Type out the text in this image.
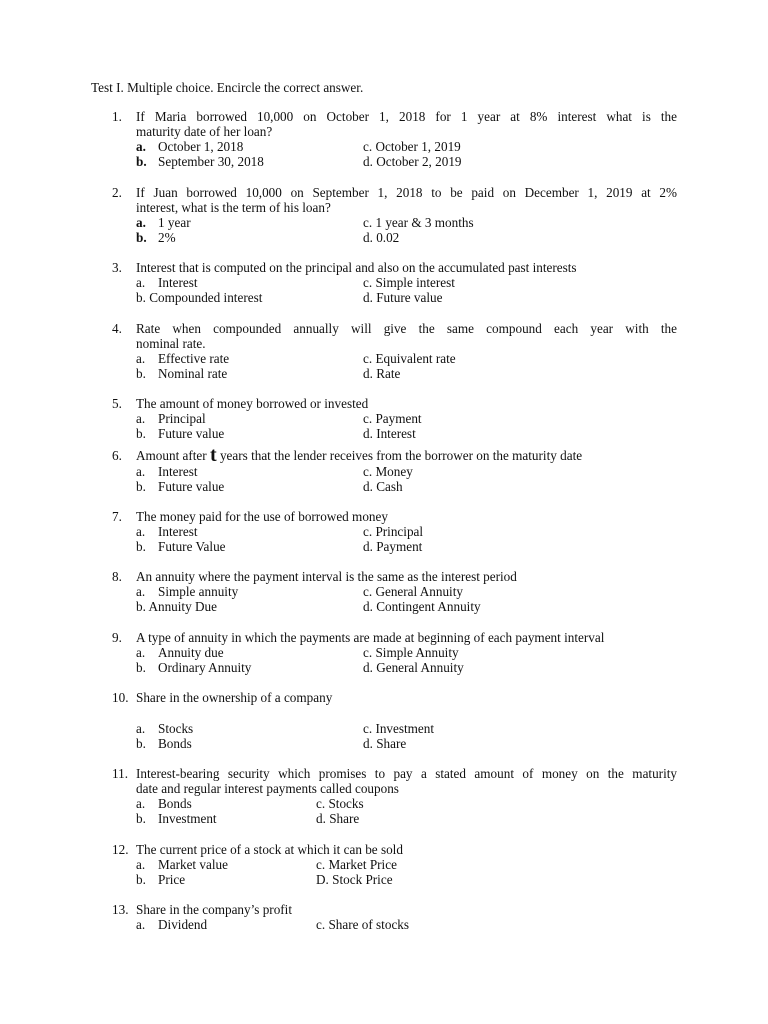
Test I. Multiple choice. Encircle the correct answer.
1.	If Maria borrowed 10,000 on October 1, 2018 for 1 year at 8% interest what is the
maturity date of her loan?
a. October 1, 2018
b. September 30, 2018
c. October 1, 2019
d. October 2, 2019
2.	If Juan borrowed 10,000 on September 1, 2018 to be paid on December 1, 2019 at 2%
interest, what is the term of his loan?
a. 1 year
b. 2%
c. 1 year & 3 months
d. 0.02
3.	Interest that is computed on the principal and also on the accumulated past interests
a. Interest
b. Compounded interest
c. Simple interest
d. Future value
4.	Rate when compounded annually will give the same compound each year with the
nominal rate.
a. Effective rate
b. Nominal rate
c. Equivalent rate
d. Rate
5.	The amount of money borrowed or invested
a. Principal
b. Future value
c. Payment
d. Interest
6.	Amount after t years that the lender receives from the borrower on the maturity date
a. Interest
b. Future value
c. Money
d. Cash
7.	The money paid for the use of borrowed money
a. Interest
b. Future Value
c. Principal
d. Payment
8.	An annuity where the payment interval is the same as the interest period
a. Simple annuity
b. Annuity Due
c. General Annuity
d. Contingent Annuity
9.	A type of annuity in which the payments are made at beginning of each payment interval
a. Annuity due
b. Ordinary Annuity
c. Simple Annuity
d. General Annuity
10. Share in the ownership of a company
a. Stocks
b. Bonds
c. Investment
d. Share
11. Interest-bearing security which promises to pay a stated amount of money on the maturity
date and regular interest payments called coupons
a. Bonds
b. Investment
c. Stocks
d. Share
12. The current price of a stock at which it can be sold
a. Market value
b. Price
c. Market Price
D. Stock Price
13. Share in the company’s profit
a. Dividend	c. Share of stocks
